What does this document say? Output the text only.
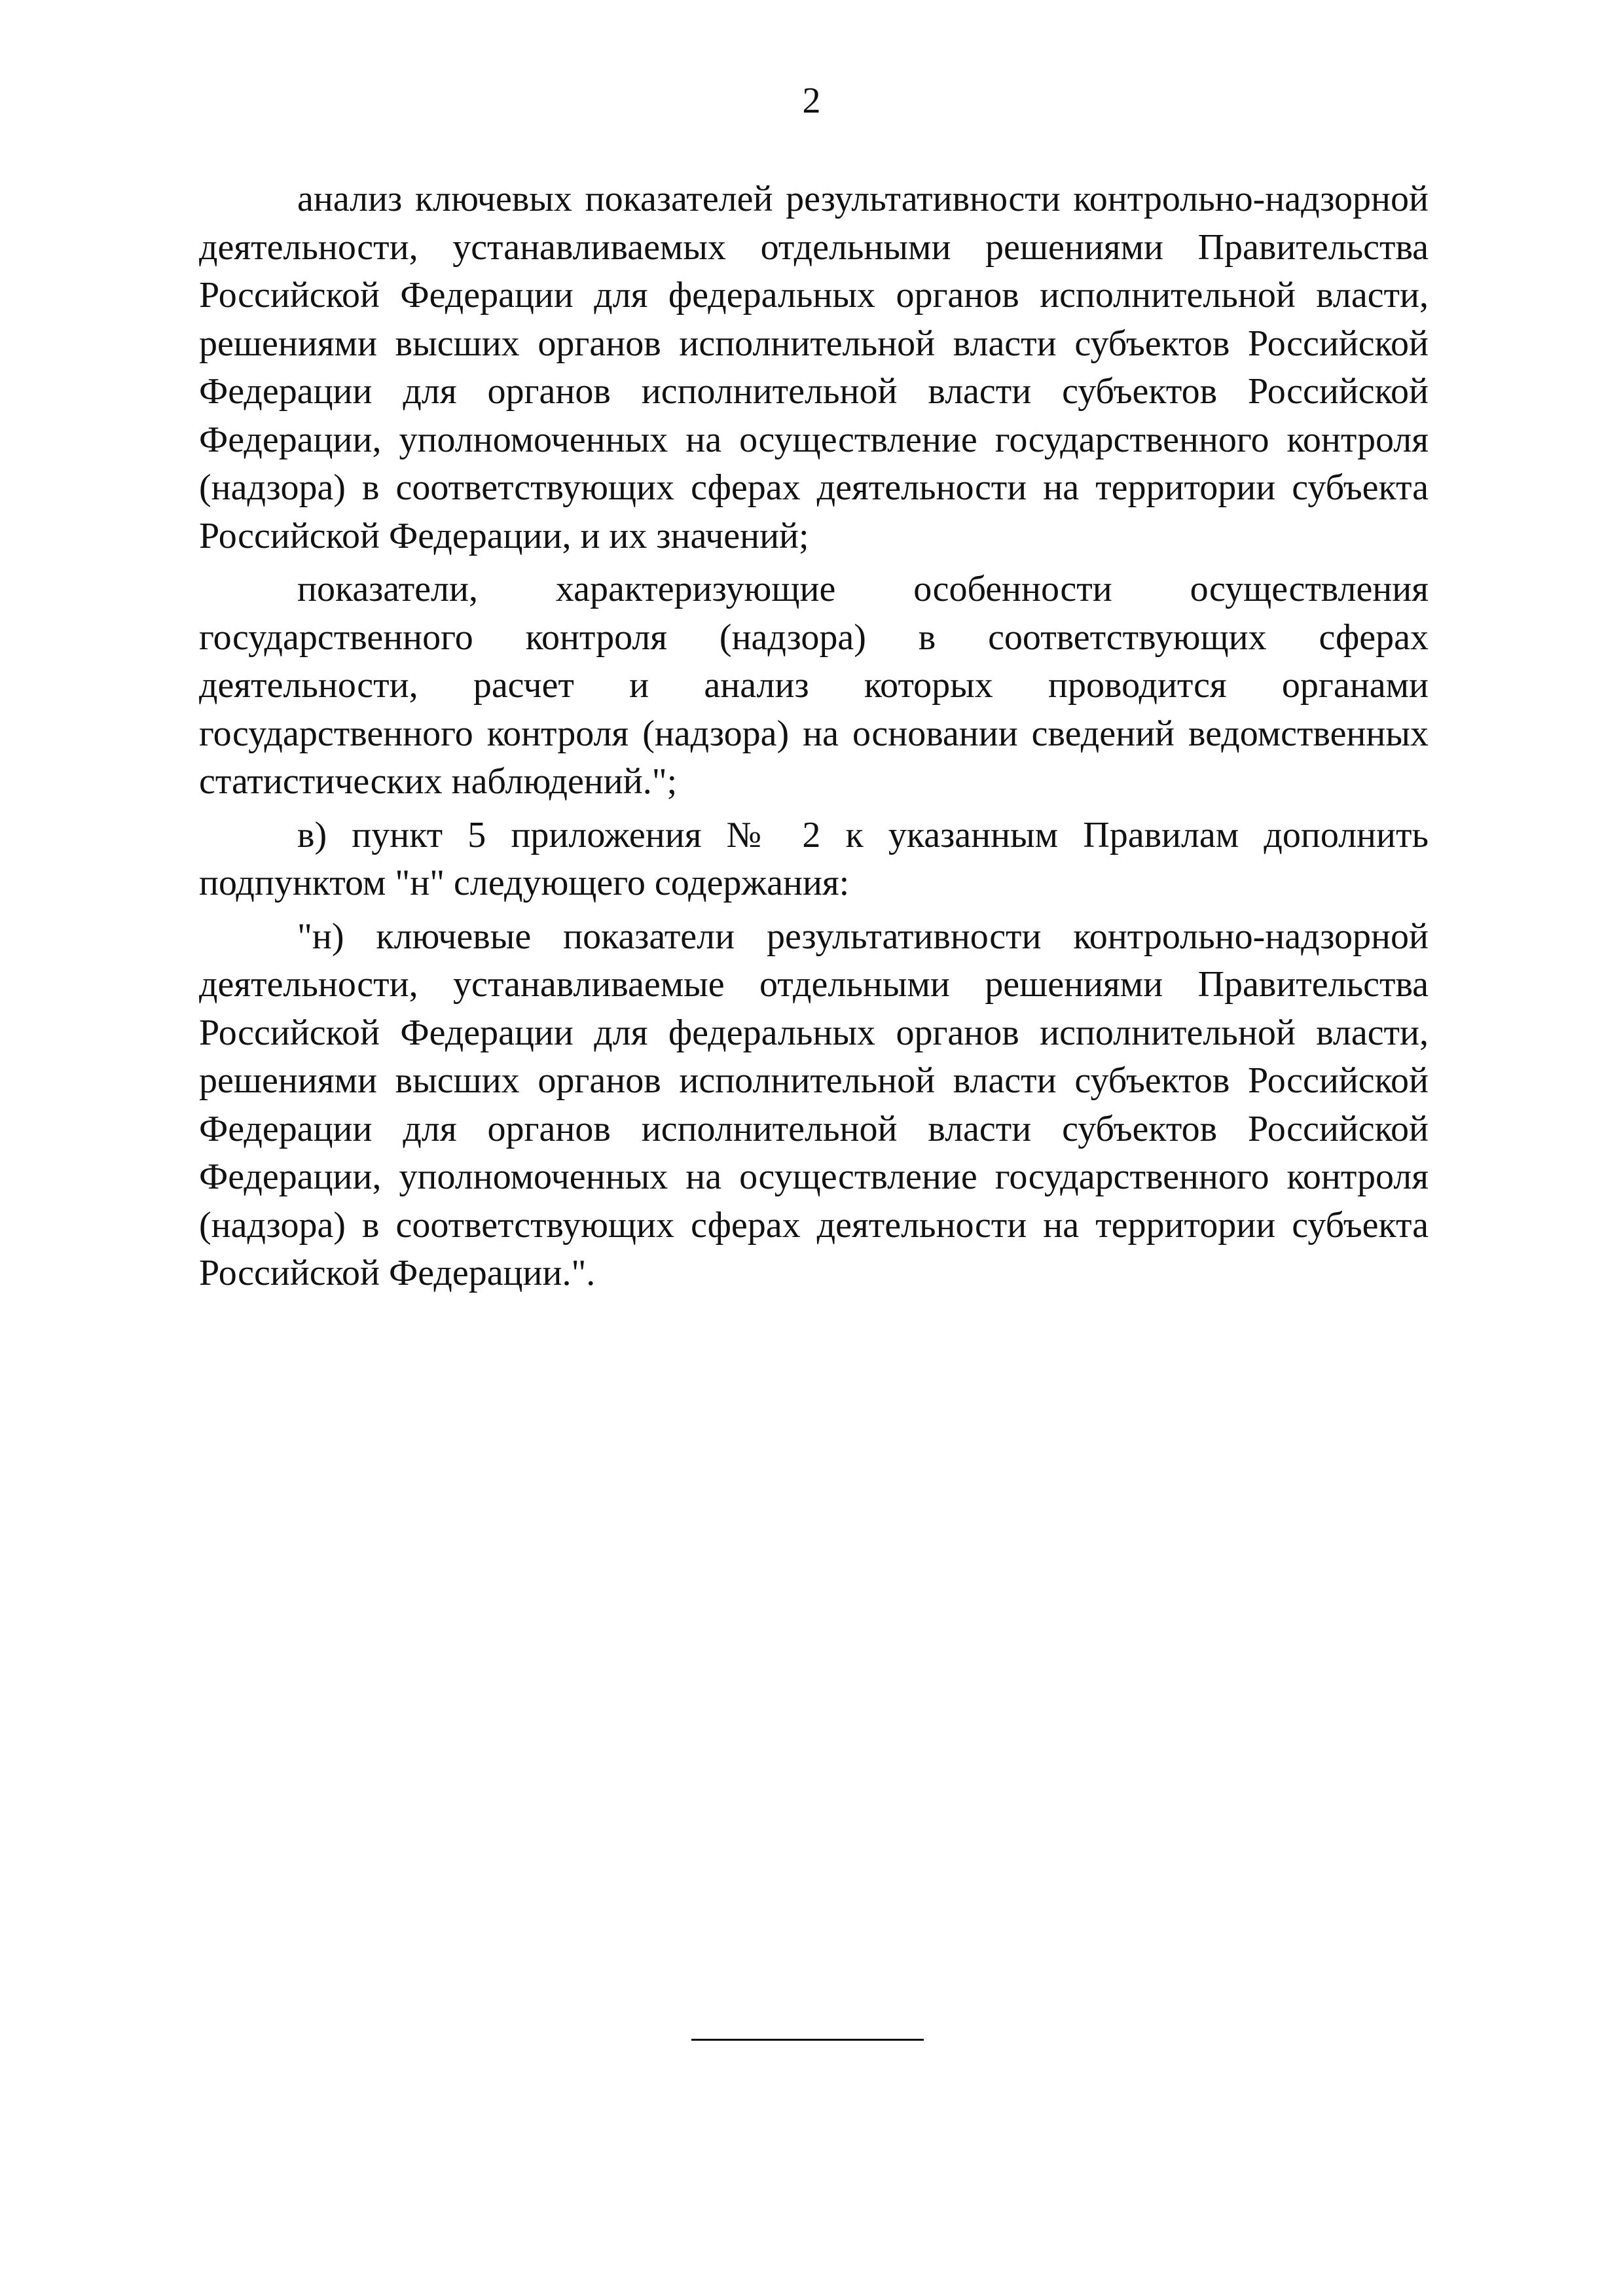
2

анализ ключевых показателей результативности контрольно-надзорной деятельности, устанавливаемых отдельными решениями Правительства Российской Федерации для федеральных органов исполнительной власти, решениями высших органов исполнительной власти субъектов Российской Федерации для органов исполнительной власти субъектов Российской Федерации, уполномоченных на осуществление государственного контроля (надзора) в соответствующих сферах деятельности на территории субъекта Российской Федерации, и их значений;

показатели, характеризующие особенности осуществления государственного контроля (надзора) в соответствующих сферах деятельности, расчет и анализ которых проводится органами государственного контроля (надзора) на основании сведений ведомственных статистических наблюдений.";

в) пункт 5 приложения № 2 к указанным Правилам дополнить подпунктом "н" следующего содержания:

"н) ключевые показатели результативности контрольно-надзорной деятельности, устанавливаемые отдельными решениями Правительства Российской Федерации для федеральных органов исполнительной власти, решениями высших органов исполнительной власти субъектов Российской Федерации для органов исполнительной власти субъектов Российской Федерации, уполномоченных на осуществление государственного контроля (надзора) в соответствующих сферах деятельности на территории субъекта Российской Федерации.".
